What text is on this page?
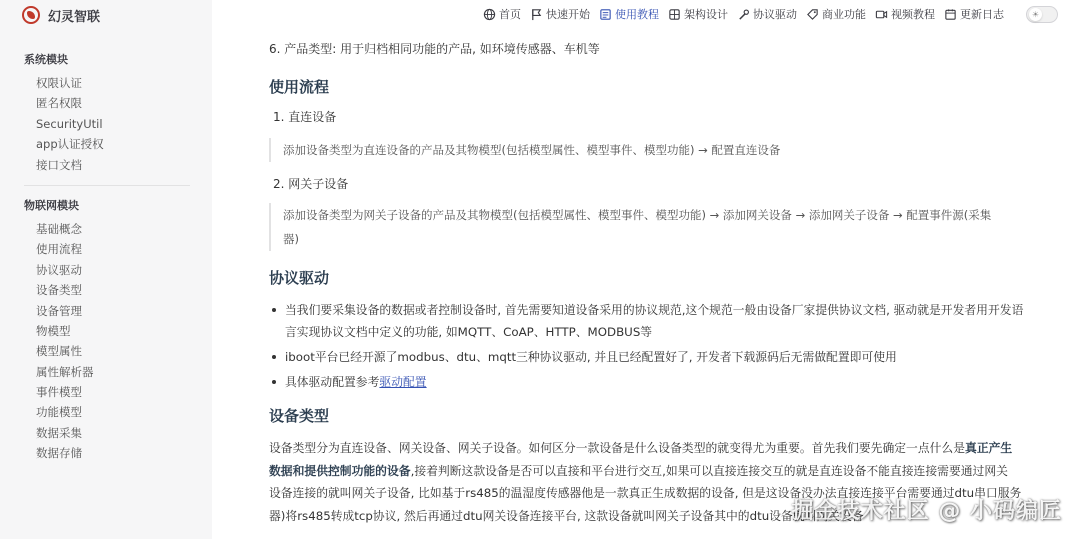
幻灵智联
系统模块
权限认证
匿名权限
SecurityUtil
app认证授权
接口文档
物联网模块
基础概念
使用流程
协议驱动
设备类型
设备管理
物模型
模型属性
属性解析器
事件模型
功能模型
数据采集
数据存储
首页 快速开始 使用教程 架构设计 协议驱动 商业功能 视频教程 更新日志
☀
6. 产品类型: 用于归档相同功能的产品, 如环境传感器、车机等
使用流程
1. 直连设备
添加设备类型为直连设备的产品及其物模型(包括模型属性、模型事件、模型功能) → 配置直连设备
2. 网关子设备
添加设备类型为网关子设备的产品及其物模型(包括模型属性、模型事件、模型功能) → 添加网关设备 → 添加网关子设备 → 配置事件源(采集
器)
协议驱动
当我们要采集设备的数据或者控制设备时, 首先需要知道设备采用的协议规范,这个规范一般由设备厂家提供协议文档, 驱动就是开发者用开发语
言实现协议文档中定义的功能, 如MQTT、CoAP、HTTP、MODBUS等
iboot平台已经开源了modbus、dtu、mqtt三种协议驱动, 并且已经配置好了, 开发者下载源码后无需做配置即可使用
具体驱动配置参考驱动配置
设备类型
设备类型分为直连设备、网关设备、网关子设备。如何区分一款设备是什么设备类型的就变得尤为重要。首先我们要先确定一点什么是真正产生
数据和提供控制功能的设备,接着判断这款设备是否可以直接和平台进行交互,如果可以直接连接交互的就是直连设备不能直接连接需要通过网关
设备连接的就叫网关子设备, 比如基于rs485的温湿度传感器他是一款真正生成数据的设备, 但是这设备没办法直接连接平台需要通过dtu串口服务
器)将rs485转成tcp协议, 然后再通过dtu网关设备连接平台, 这款设备就叫网关子设备其中的dtu设备就叫网关设备
掘金技术社区 @ 小码编匠
